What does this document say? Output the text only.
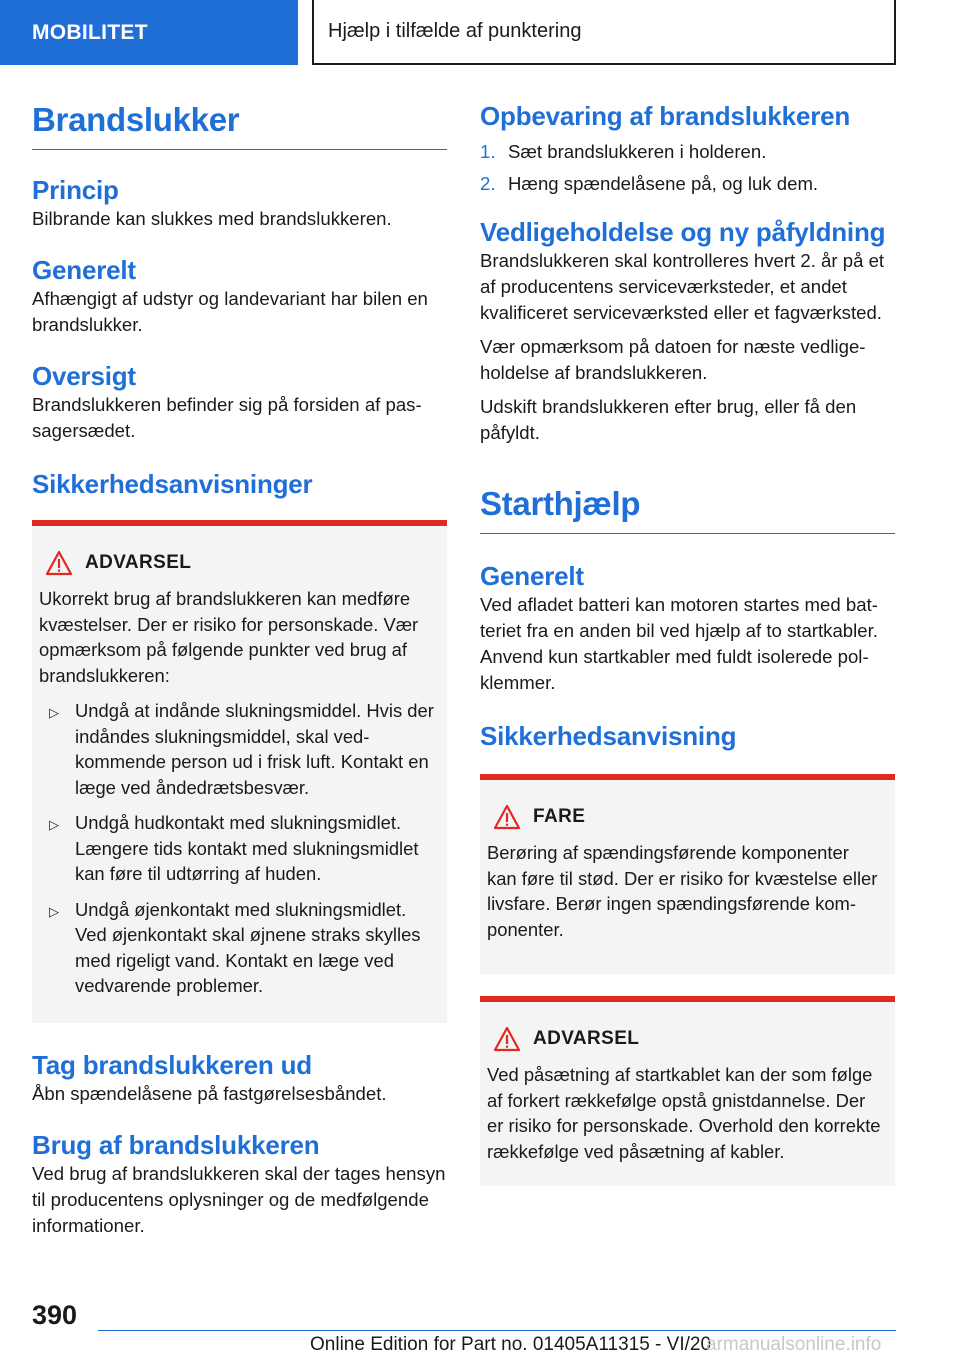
MOBILITET	Hjælp i tilfælde af punktering
Brandslukker
Princip

Bilbrande kan slukkes med brandslukkeren.

Generelt

Afhængigt af udstyr og landevariant har bilen en brandslukker.

Oversigt

Brandslukkeren befinder sig på forsiden af passagersædet.

Sikkerhedsanvisninger
ADVARSEL

Ukorrekt brug af brandslukkeren kan medføre kvæstelser. Der er risiko for personskade. Vær opmærksom på følgende punkter ved brug af brandslukkeren:

▷ Undgå at indånde slukningsmiddel. Hvis der indåndes slukningsmiddel, skal vedkommende person ud i frisk luft. Kontakt en læge ved åndedrætsbesvær.
▷ Undgå hudkontakt med slukningsmidlet. Længere tids kontakt med slukningsmidlet kan føre til udtørring af huden.
▷ Undgå øjenkontakt med slukningsmidlet. Ved øjenkontakt skal øjnene straks skylles med rigeligt vand. Kontakt en læge ved vedvarende problemer.
Tag brandslukkeren ud

Åbn spændelåsene på fastgørelsesbåndet.

Brug af brandslukkeren

Ved brug af brandslukkeren skal der tages hensyn til producentens oplysninger og de medfølgende informationer.

Opbevaring af brandslukkeren
1. Sæt brandslukkeren i holderen.
2. Hæng spændelåsene på, og luk dem.
Vedligeholdelse og ny påfyldning

Brandslukkeren skal kontrolleres hvert 2. år på et af producentens serviceværksteder, et andet kvalificeret serviceværksted eller et fagværksted.

Vær opmærksom på datoen for næste vedligeholdelse af brandslukkeren.

Udskift brandslukkeren efter brug, eller få den påfyldt.

Starthjælp
Generelt

Ved afladet batteri kan motoren startes med batteriet fra en anden bil ved hjælp af to startkabler. Anvend kun startkabler med fuldt isolerede polklemmer.

Sikkerhedsanvisning
FARE

Berøring af spændingsførende komponenter kan føre til stød. Der er risiko for kvæstelse eller livsfare. Berør ingen spændingsførende komponenter.

ADVARSEL

Ved påsætning af startkablet kan der som følge af forkert rækkefølge opstå gnistdannelse. Der er risiko for personskade. Overhold den korrekte rækkefølge ved påsætning af kabler.

390
Online Edition for Part no. 01405A11315 - VI/20
armanualsonline.info
